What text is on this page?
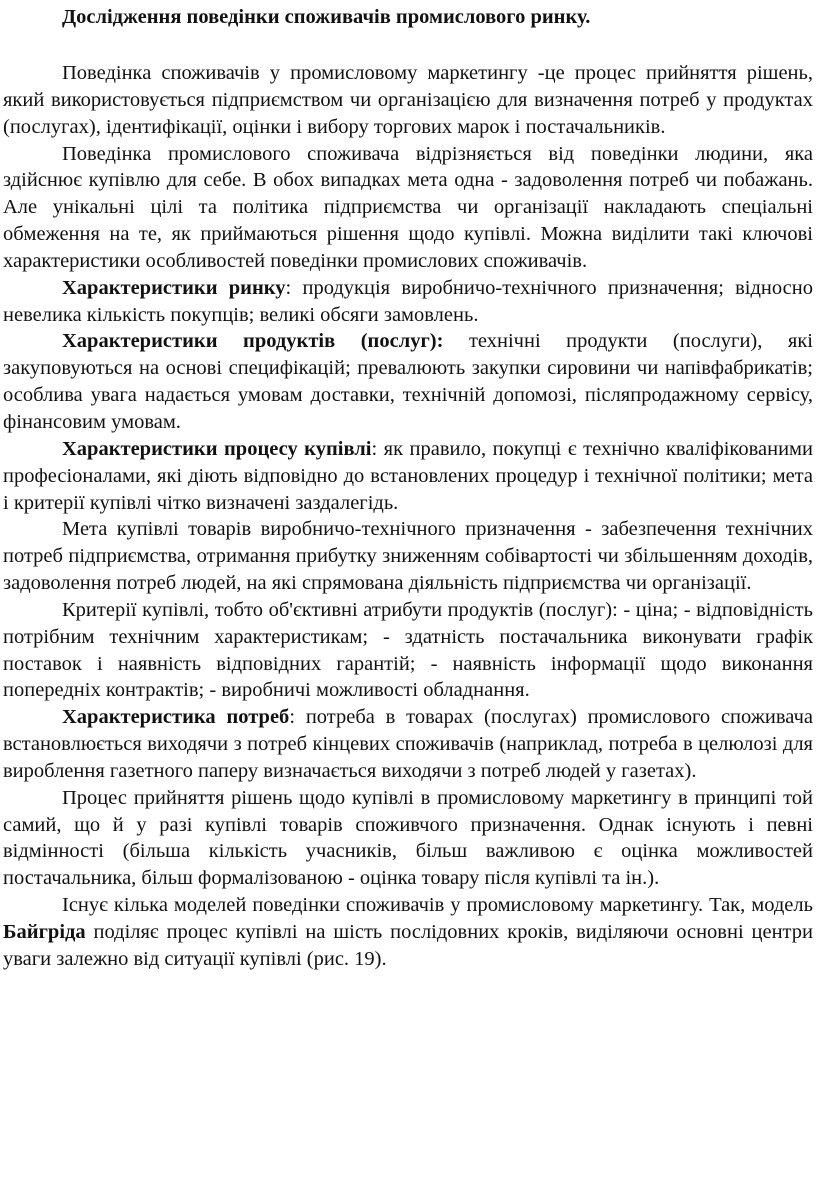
Дослідження поведінки споживачів промислового ринку.

Поведінка споживачів у промисловому маркетингу -це процес прийняття рішень, який використовується підприємством чи організацією для визначення потреб у продуктах (послугах), ідентифікації, оцінки і вибору торгових марок і постачальників.

Поведінка промислового споживача відрізняється від поведінки людини, яка здійснює купівлю для себе. В обох випадках мета одна - задоволення потреб чи побажань. Але унікальні цілі та політика підприємства чи організації накладають спеціальні обмеження на те, як приймаються рішення щодо купівлі. Можна виділити такі ключові характеристики особливостей поведінки промислових споживачів.

Характеристики ринку: продукція виробничо-технічного призначення; відносно невелика кількість покупців; великі обсяги замовлень.

Характеристики продуктів (послуг): технічні продукти (послуги), які закуповуються на основі специфікацій; превалюють закупки сировини чи напівфабрикатів; особлива увага надається умовам доставки, технічній допомозі, післяпродажному сервісу, фінансовим умовам.

Характеристики процесу купівлі: як правило, покупці є технічно кваліфікованими професіоналами, які діють відповідно до встановлених процедур і технічної політики; мета і критерії купівлі чітко визначені заздалегідь.

Мета купівлі товарів виробничо-технічного призначення - забезпечення технічних потреб підприємства, отримання прибутку зниженням собівартості чи збільшенням доходів, задоволення потреб людей, на які спрямована діяльність підприємства чи організації.

Критерії купівлі, тобто об'єктивні атрибути продуктів (послуг): - ціна; - відповідність потрібним технічним характеристикам; - здатність постачальника виконувати графік поставок і наявність відповідних гарантій; - наявність інформації щодо виконання попередніх контрактів; - виробничі можливості обладнання.

Характеристика потреб: потреба в товарах (послугах) промислового споживача встановлюється виходячи з потреб кінцевих споживачів (наприклад, потреба в целюлозі для вироблення газетного паперу визначається виходячи з потреб людей у газетах).

Процес прийняття рішень щодо купівлі в промисловому маркетингу в принципі той самий, що й у разі купівлі товарів споживчого призначення. Однак існують і певні відмінності (більша кількість учасників, більш важливою є оцінка можливостей постачальника, більш формалізованою - оцінка товару після купівлі та ін.).

Існує кілька моделей поведінки споживачів у промисловому маркетингу. Так, модель Байгріда поділяє процес купівлі на шість послідовних кроків, виділяючи основні центри уваги залежно від ситуації купівлі (рис. 19).
